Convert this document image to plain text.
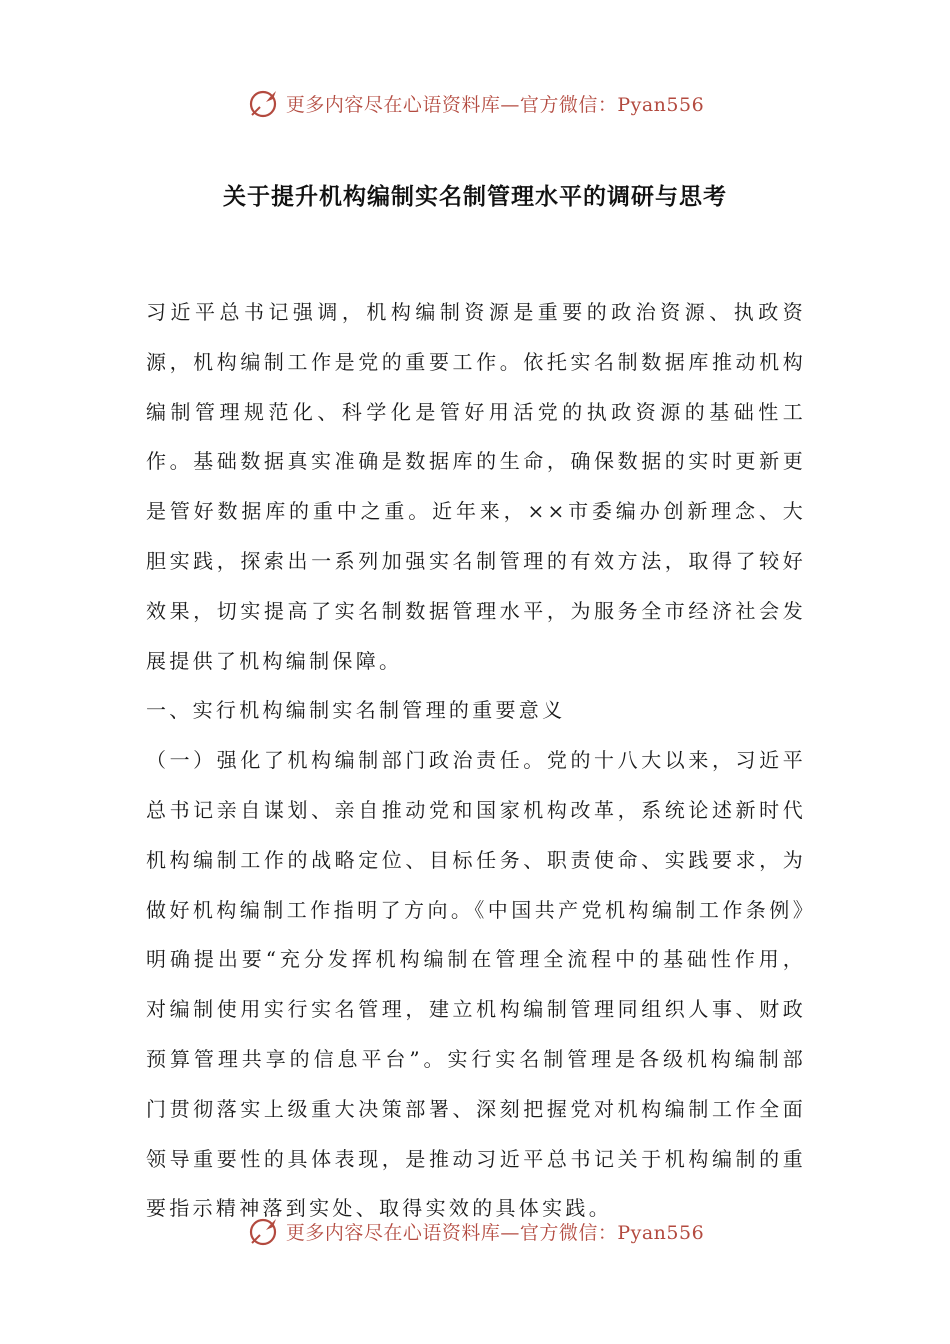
更多内容尽在心语资料库—官方微信：Pyan556
关于提升机构编制实名制管理水平的调研与思考

习近平总书记强调，机构编制资源是重要的政治资源、执政资源，机构编制工作是党的重要工作。依托实名制数据库推动机构编制管理规范化、科学化是管好用活党的执政资源的基础性工作。基础数据真实准确是数据库的生命，确保数据的实时更新更是管好数据库的重中之重。近年来，××市委编办创新理念、大胆实践，探索出一系列加强实名制管理的有效方法，取得了较好效果，切实提高了实名制数据管理水平，为服务全市经济社会发展提供了机构编制保障。

一、实行机构编制实名制管理的重要意义

（一）强化了机构编制部门政治责任。党的十八大以来，习近平总书记亲自谋划、亲自推动党和国家机构改革，系统论述新时代机构编制工作的战略定位、目标任务、职责使命、实践要求，为做好机构编制工作指明了方向。《中国共产党机构编制工作条例》明确提出要“充分发挥机构编制在管理全流程中的基础性作用，对编制使用实行实名管理，建立机构编制管理同组织人事、财政预算管理共享的信息平台”。实行实名制管理是各级机构编制部门贯彻落实上级重大决策部署、深刻把握党对机构编制工作全面领导重要性的具体表现，是推动习近平总书记关于机构编制的重要指示精神落到实处、取得实效的具体实践。

更多内容尽在心语资料库—官方微信：Pyan556
